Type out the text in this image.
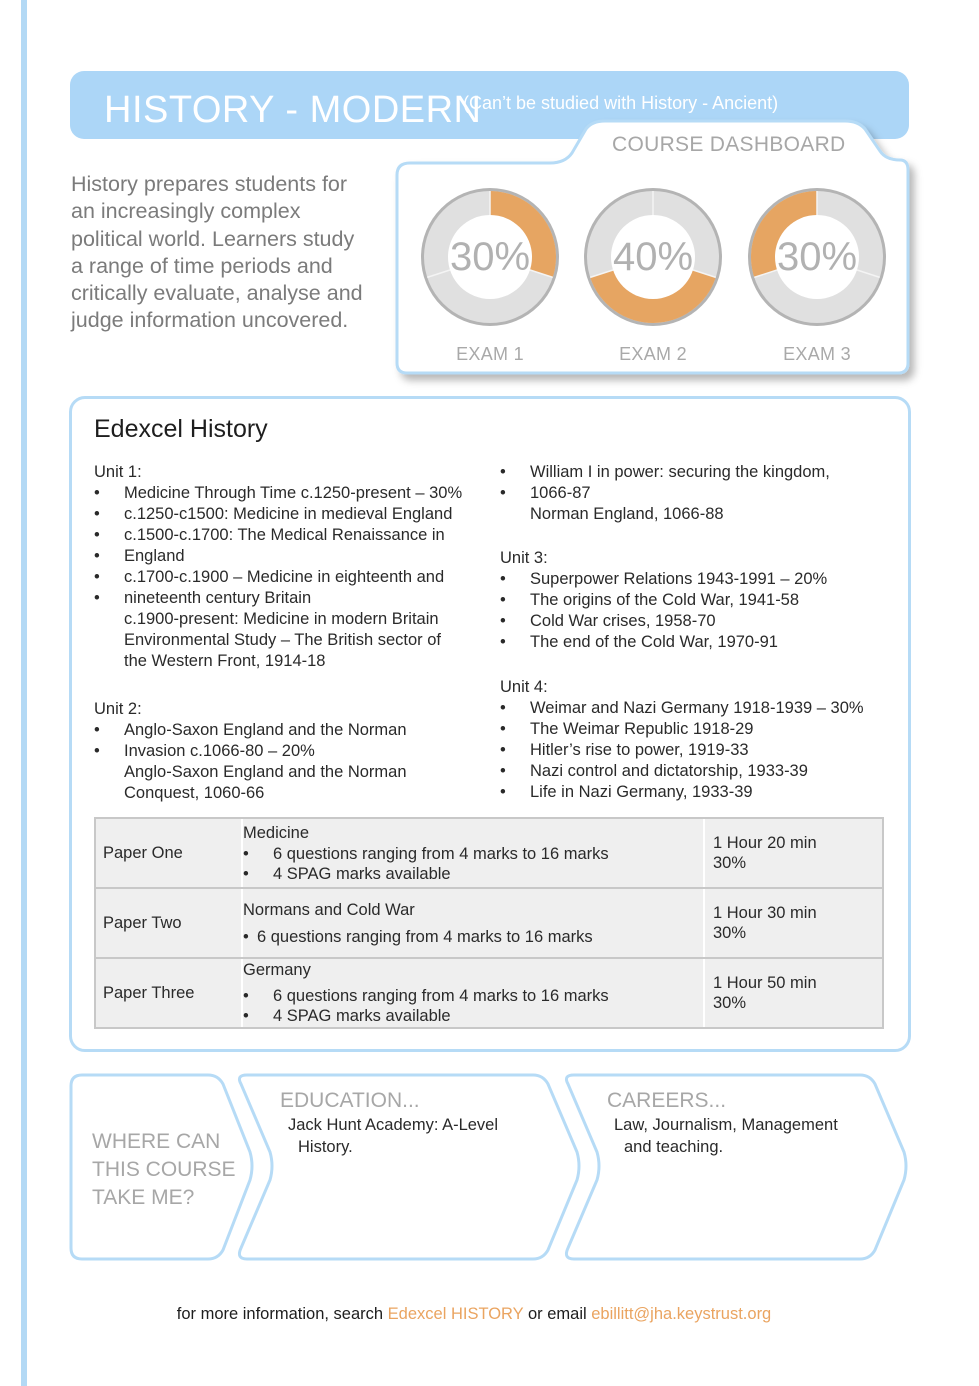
HISTORY - MODERN
(Can’t be studied with History - Ancient)
History prepares students for an increasingly complex political world. Learners study a range of time periods and critically evaluate, analyse and judge information uncovered.
COURSE DASHBOARD
30%
EXAM 1
40%
EXAM 2
30%
EXAM 3
Edexcel History
Unit 1:
• Medicine Through Time c.1250-present – 30%
• c.1250-c1500: Medicine in medieval England
• c.1500-c.1700: The Medical Renaissance in
• England
• c.1700-c.1900 – Medicine in eighteenth and
• nineteenth century Britain
c.1900-present: Medicine in modern Britain
Environmental Study – The British sector of
the Western Front, 1914-18
Unit 2:
• Anglo-Saxon England and the Norman
• Invasion c.1066-80 – 20%
Anglo-Saxon England and the Norman
Conquest, 1060-66
• William I in power: securing the kingdom,
• 1066-87
Norman England, 1066-88
Unit 3:
• Superpower Relations 1943-1991 – 20%
• The origins of the Cold War, 1941-58
• Cold War crises, 1958-70
• The end of the Cold War, 1970-91
Unit 4:
• Weimar and Nazi Germany 1918-1939 – 30%
• The Weimar Republic 1918-29
• Hitler’s rise to power, 1919-33
• Nazi control and dictatorship, 1933-39
• Life in Nazi Germany, 1933-39
Paper One	
Medicine
• 6 questions ranging from 4 marks to 16 marks
• 4 SPAG marks available

1 Hour 20 min
30%

Paper Two	
Normans and Cold War
• 6 questions ranging from 4 marks to 16 marks

1 Hour 30 min
30%

Paper Three	
Germany
• 6 questions ranging from 4 marks to 16 marks
• 4 SPAG marks available

1 Hour 50 min
30%
WHERE CAN
THIS COURSE
TAKE ME?
EDUCATION...
Jack Hunt Academy: A-Level
History.
CAREERS...
Law, Journalism, Management
and teaching.
for more information, search Edexcel HISTORY or email ebillitt@jha.keystrust.org
